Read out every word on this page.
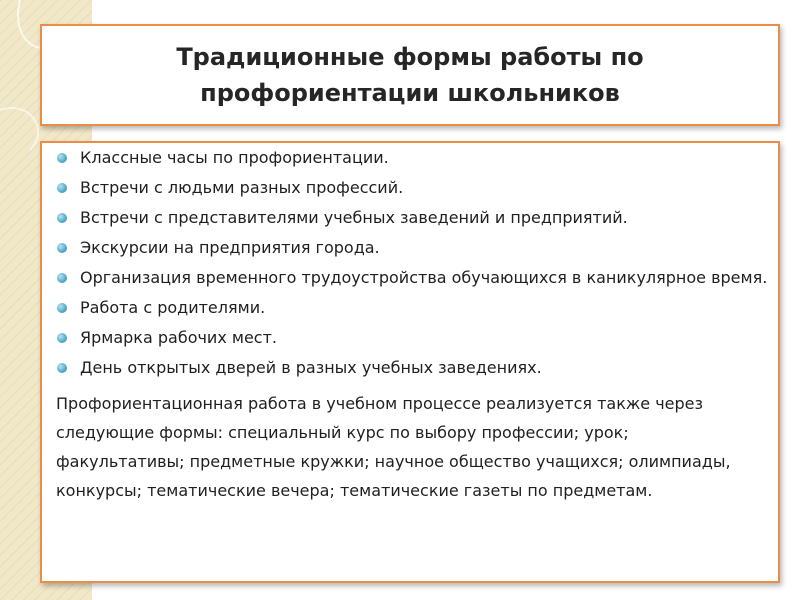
Традиционные формы работы по профориентации школьников
Классные часы по профориентации.
Встречи с людьми разных профессий.
Встречи с представителями учебных заведений и предприятий.
Экскурсии на предприятия города.
Организация временного трудоустройства обучающихся в каникулярное время.
Работа с родителями.
Ярмарка рабочих мест.
День открытых дверей в разных учебных заведениях.

Профориентационная работа в учебном процессе реализуется также через следующие формы: специальный курс по выбору профессии; урок; факультативы; предметные кружки; научное общество учащихся; олимпиады, конкурсы; тематические вечера; тематические газеты по предметам.
